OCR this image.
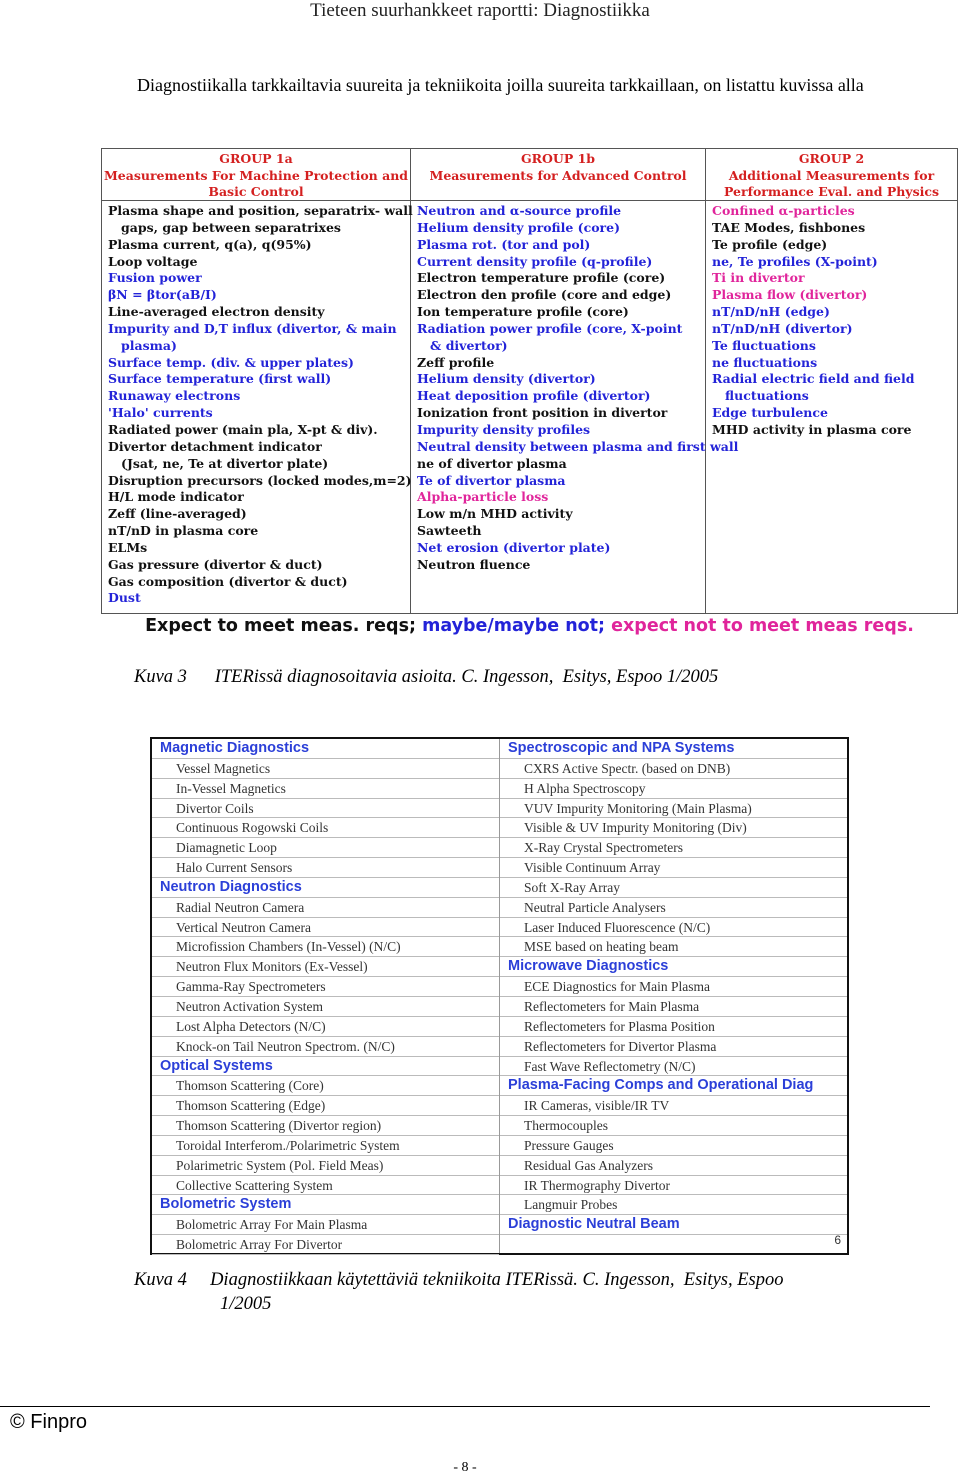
Tieteen suurhankkeet raportti: Diagnostiikka
Diagnostiikalla tarkkailtavia suureita ja tekniikoita joilla suureita tarkkaillaan, on listattu kuvissa alla
GROUP 1a
Measurements For Machine Protection and
Basic Control
Plasma shape and position, separatrix- wall
gaps, gap between separatrixes
Plasma current, q(a), q(95%)
Loop voltage
Fusion power
βN = βtor(aB/I)
Line-averaged electron density
Impurity and D,T influx (divertor, & main
plasma)
Surface temp. (div. & upper plates)
Surface temperature (first wall)
Runaway electrons
'Halo' currents
Radiated power (main pla, X-pt & div).
Divertor detachment indicator
(Jsat, ne, Te at divertor plate)
Disruption precursors (locked modes,m=2)
H/L mode indicator
Zeff (line-averaged)
nT/nD in plasma core
ELMs
Gas pressure (divertor & duct)
Gas composition (divertor & duct)
Dust
GROUP 1b
Measurements for Advanced Control
Neutron and α-source profile
Helium density profile (core)
Plasma rot. (tor and pol)
Current density profile (q-profile)
Electron temperature profile (core)
Electron den profile (core and edge)
Ion temperature profile (core)
Radiation power profile (core, X-point
& divertor)
Zeff profile
Helium density (divertor)
Heat deposition profile (divertor)
Ionization front position in divertor
Impurity density profiles
Neutral density between plasma and first wall
ne of divertor plasma
Te of divertor plasma
Alpha-particle loss
Low m/n MHD activity
Sawteeth
Net erosion (divertor plate)
Neutron fluence
GROUP 2
Additional Measurements for
Performance Eval. and Physics
Confined α-particles
TAE Modes, fishbones
Te profile (edge)
ne, Te profiles (X-point)
Ti in divertor
Plasma flow (divertor)
nT/nD/nH (edge)
nT/nD/nH (divertor)
Te fluctuations
ne fluctuations
Radial electric field and field
fluctuations
Edge turbulence
MHD activity in plasma core
Expect to meet meas. reqs; maybe/maybe not; expect not to meet meas reqs.
Kuva 3 ITERissä diagnosoitavia asioita. C. Ingesson,  Esitys, Espoo 1/2005
Magnetic Diagnostics
Vessel Magnetics
In-Vessel Magnetics
Divertor Coils
Continuous Rogowski Coils
Diamagnetic Loop
Halo Current Sensors
Neutron Diagnostics
Radial Neutron Camera
Vertical Neutron Camera
Microfission Chambers (In-Vessel) (N/C)
Neutron Flux Monitors (Ex-Vessel)
Gamma-Ray Spectrometers
Neutron Activation System
Lost Alpha Detectors (N/C)
Knock-on Tail Neutron Spectrom. (N/C)
Optical Systems
Thomson Scattering (Core)
Thomson Scattering (Edge)
Thomson Scattering (Divertor region)
Toroidal Interferom./Polarimetric System
Polarimetric System (Pol. Field Meas)
Collective Scattering System
Bolometric System
Bolometric Array For Main Plasma
Bolometric Array For Divertor
Spectroscopic and NPA Systems
CXRS Active Spectr. (based on DNB)
H Alpha Spectroscopy
VUV Impurity Monitoring (Main Plasma)
Visible & UV Impurity Monitoring (Div)
X-Ray Crystal Spectrometers
Visible Continuum Array
Soft X-Ray Array
Neutral Particle Analysers
Laser Induced Fluorescence (N/C)
MSE based on heating beam
Microwave Diagnostics
ECE Diagnostics for Main Plasma
Reflectometers for Main Plasma
Reflectometers for Plasma Position
Reflectometers for Divertor Plasma
Fast Wave Reflectometry (N/C)
Plasma-Facing Comps and Operational Diag
IR Cameras, visible/IR TV
Thermocouples
Pressure Gauges
Residual Gas Analyzers
IR Thermography Divertor
Langmuir Probes
Diagnostic Neutral Beam
6
Kuva 4 Diagnostiikkaan käytettäviä tekniikoita ITERissä. C. Ingesson,  Esitys, Espoo
1/2005
© Finpro
- 8 -
